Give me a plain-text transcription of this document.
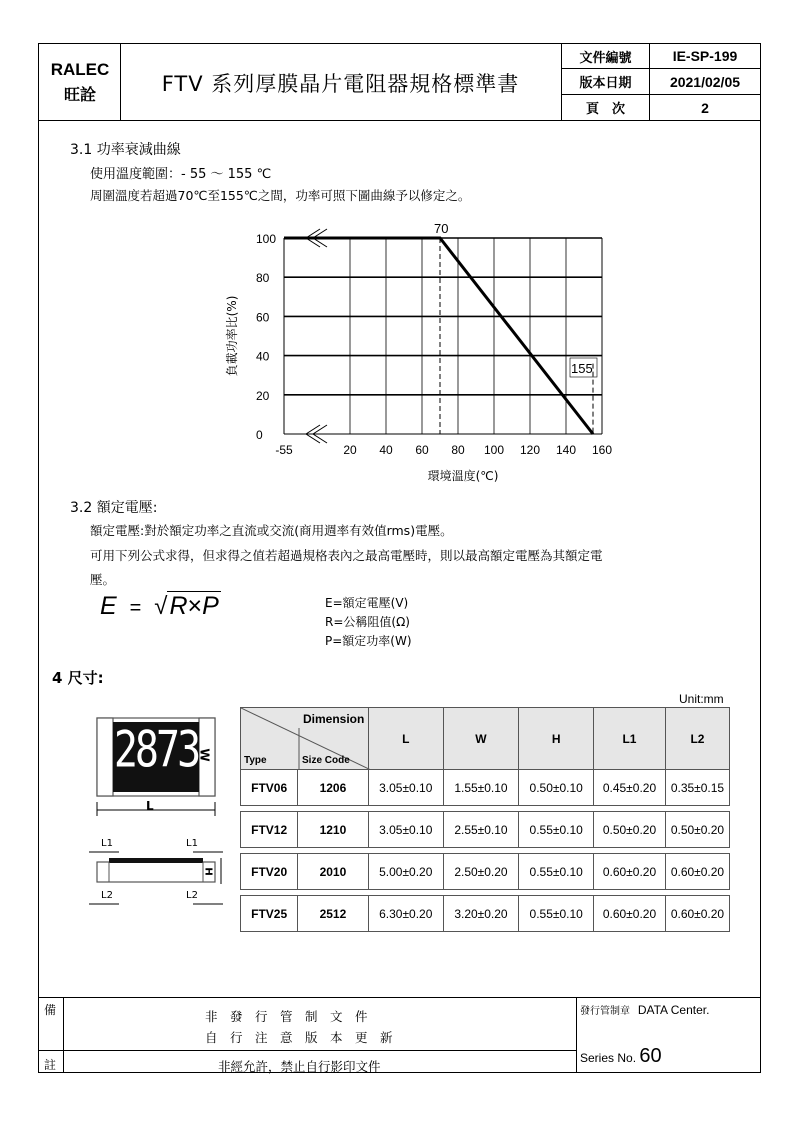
RALEC
旺詮	FTV 系列厚膜晶片電阻器規格標準書
文件編號	IE-SP-199
版本日期	2021/02/05
頁　次	2
3.1 功率衰減曲線
使用溫度範圍：- 55 ～ 155 ℃
周圍溫度若超過70℃至155℃之間，功率可照下圖曲線予以修定之。
0
20
40
60
80
100
-55	20 40 60 80 100 120 140 160
70
155
環境溫度(℃)
負載功率比(%)
3.2 額定電壓:
額定電壓:對於額定功率之直流或交流(商用週率有效值rms)電壓。
可用下列公式求得，但求得之值若超過規格表內之最高電壓時，則以最高額定電壓為其額定電
壓。
E = √R×P	E=額定電壓(V)
R=公稱阻值(Ω)
P=額定功率(W)
4 尺寸:
Unit:mm
2873 W
L
L1	L1
H
L2	L2
Dimension
Type Size Code		L	W	H	L1	L2	
FTV06	1206	3.05±0.10	1.55±0.10	0.50±0.10	0.45±0.20	0.35±0.15	

FTV12	1210	3.05±0.10	2.55±0.10	0.55±0.10	0.50±0.20	0.50±0.20	

FTV20	2010	5.00±0.20	2.50±0.20	0.55±0.10	0.60±0.20	0.60±0.20	

FTV25	2512	6.30±0.20	3.20±0.20	0.55±0.10	0.60±0.20	0.60±0.20	
備
註
非　發　行　管　制　文　件
自　行　注　意　版　本　更　新
非經允許，禁止自行影印文件
發行管制章 DATA Center.
Series No. 60
